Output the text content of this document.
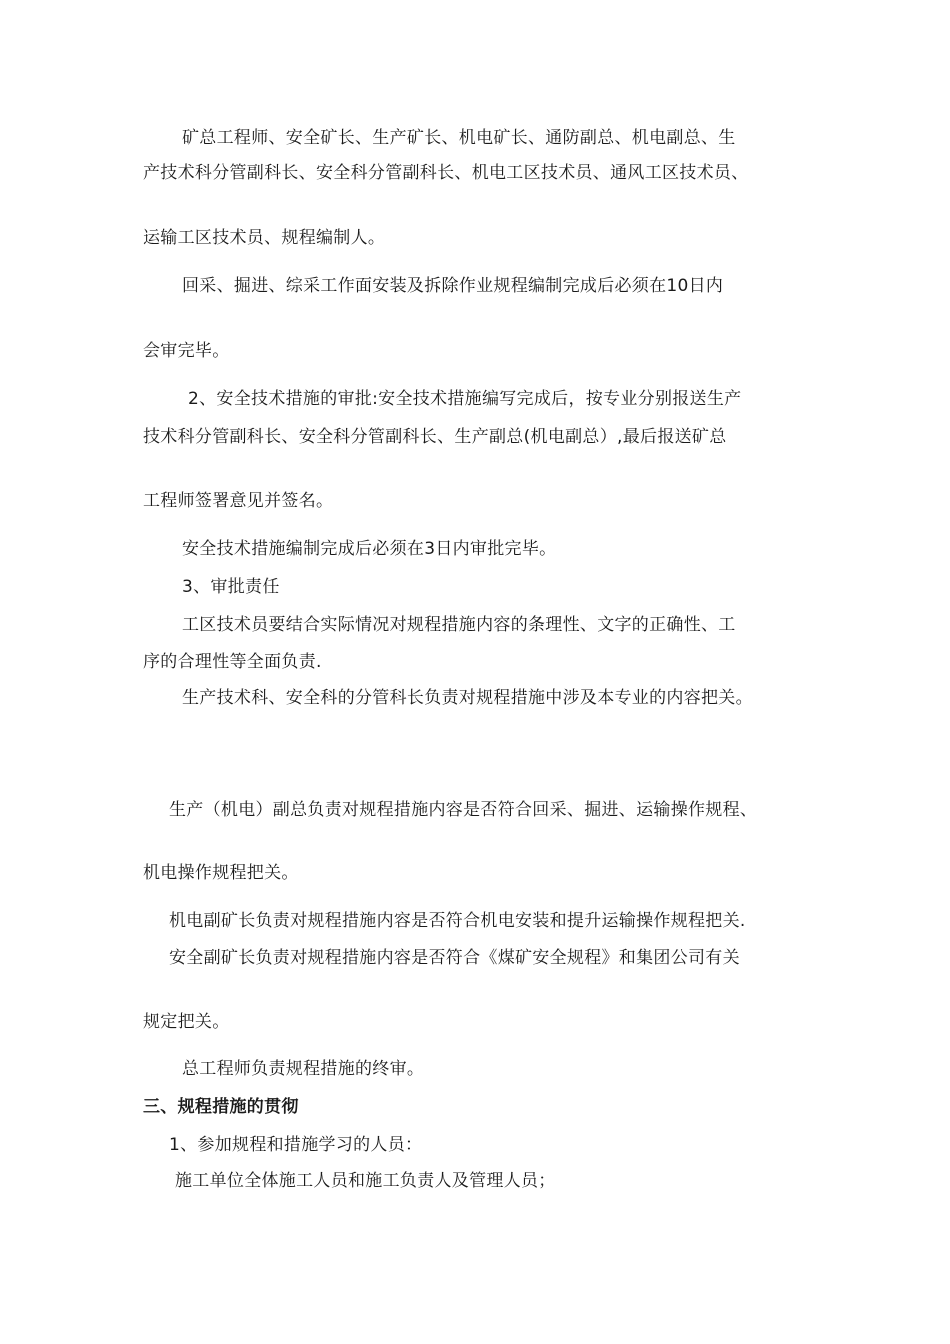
矿总工程师、安全矿长、生产矿长、机电矿长、通防副总、机电副总、生
产技术科分管副科长、安全科分管副科长、机电工区技术员、通风工区技术员、
运输工区技术员、规程编制人。
回采、掘进、综采工作面安装及拆除作业规程编制完成后必须在10日内
会审完毕。
2、安全技术措施的审批:安全技术措施编写完成后，按专业分别报送生产
技术科分管副科长、安全科分管副科长、生产副总(机电副总）,最后报送矿总
工程师签署意见并签名。
安全技术措施编制完成后必须在3日内审批完毕。
3、审批责任
工区技术员要结合实际情况对规程措施内容的条理性、文字的正确性、工
序的合理性等全面负责.
生产技术科、安全科的分管科长负责对规程措施中涉及本专业的内容把关。
生产（机电）副总负责对规程措施内容是否符合回采、掘进、运输操作规程、
机电操作规程把关。
机电副矿长负责对规程措施内容是否符合机电安装和提升运输操作规程把关.
安全副矿长负责对规程措施内容是否符合《煤矿安全规程》和集团公司有关
规定把关。
总工程师负责规程措施的终审。
三、规程措施的贯彻
1、参加规程和措施学习的人员：
施工单位全体施工人员和施工负责人及管理人员；
